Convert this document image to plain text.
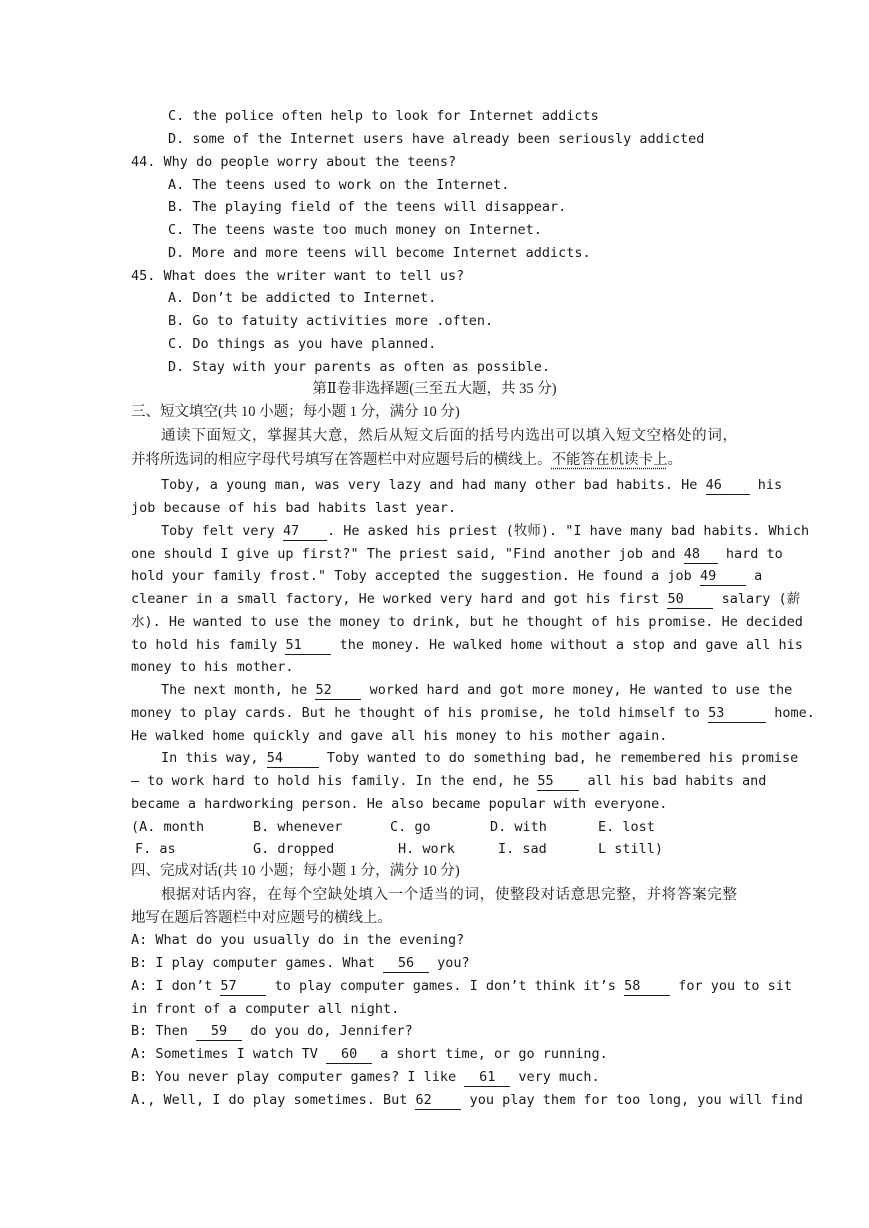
C. the police often help to look for Internet addicts
D. some of the Internet users have already been seriously addicted
44. Why do people worry about the teens?
A. The teens used to work on the Internet.
B. The playing field of the teens will disappear.
C. The teens waste too much money on Internet.
D. More and more teens will become Internet addicts.
45. What does the writer want to tell us?
A. Don’t be addicted to Internet.
B. Go to fatuity activities more .often.
C. Do things as you have planned.
D. Stay with your parents as often as possible.
第Ⅱ卷非选择题(三至五大题，共 35 分)
三、短文填空(共 10 小题；每小题 1 分，满分 10 分)
通读下面短文，掌握其大意，然后从短文后面的括号内选出可以填入短文空格处的词，
并将所选词的相应字母代号填写在答题栏中对应题号后的横线上。不能答在机读卡上。
Toby, a young man, was very lazy and had many other bad habits. He 46	his
job because of his bad habits last year.
Toby felt very 47 . He asked his priest (牧师). "I have many bad habits. Which
one should I give up first?" The priest said, "Find another job and 48 hard to
hold your family frost." Toby accepted the suggestion. He found a job 49	a
cleaner in a small factory, He worked very hard and got his first 50	salary (薪
水). He wanted to use the money to drink, but he thought of his promise. He decided
to hold his family 51	the money. He walked home without a stop and gave all his
money to his mother.
The next month, he 52	worked hard and got more money, He wanted to use the
money to play cards. But he thought of his promise, he told himself to 53	home.
He walked home quickly and gave all his money to his mother again.
In this way, 54	Toby wanted to do something bad, he remembered his promise
– to work hard to hold his family. In the end, he 55	all his bad habits and
became a hardworking person. He also became popular with everyone.
(A. month	B. whenever	C. go	D. with	E. lost
F. as	G. dropped	H. work	I. sad	L still)
四、完成对话(共 10 小题；每小题 1 分，满分 10 分)
根据对话内容，在每个空缺处填入一个适当的词，使整段对话意思完整，并将答案完整
地写在题后答题栏中对应题号的横线上。
A: What do you usually do in the evening?
B: I play computer games. What 56 you?
A: I don’t 57	to play computer games. I don’t think it’s 58	for you to sit
in front of a computer all night.
B: Then 59 do you do, Jennifer?
A: Sometimes I watch TV 60 a short time, or go running.
B: You never play computer games? I like 61 very much.
A., Well, I do play sometimes. But 62	you play them for too long, you will find
